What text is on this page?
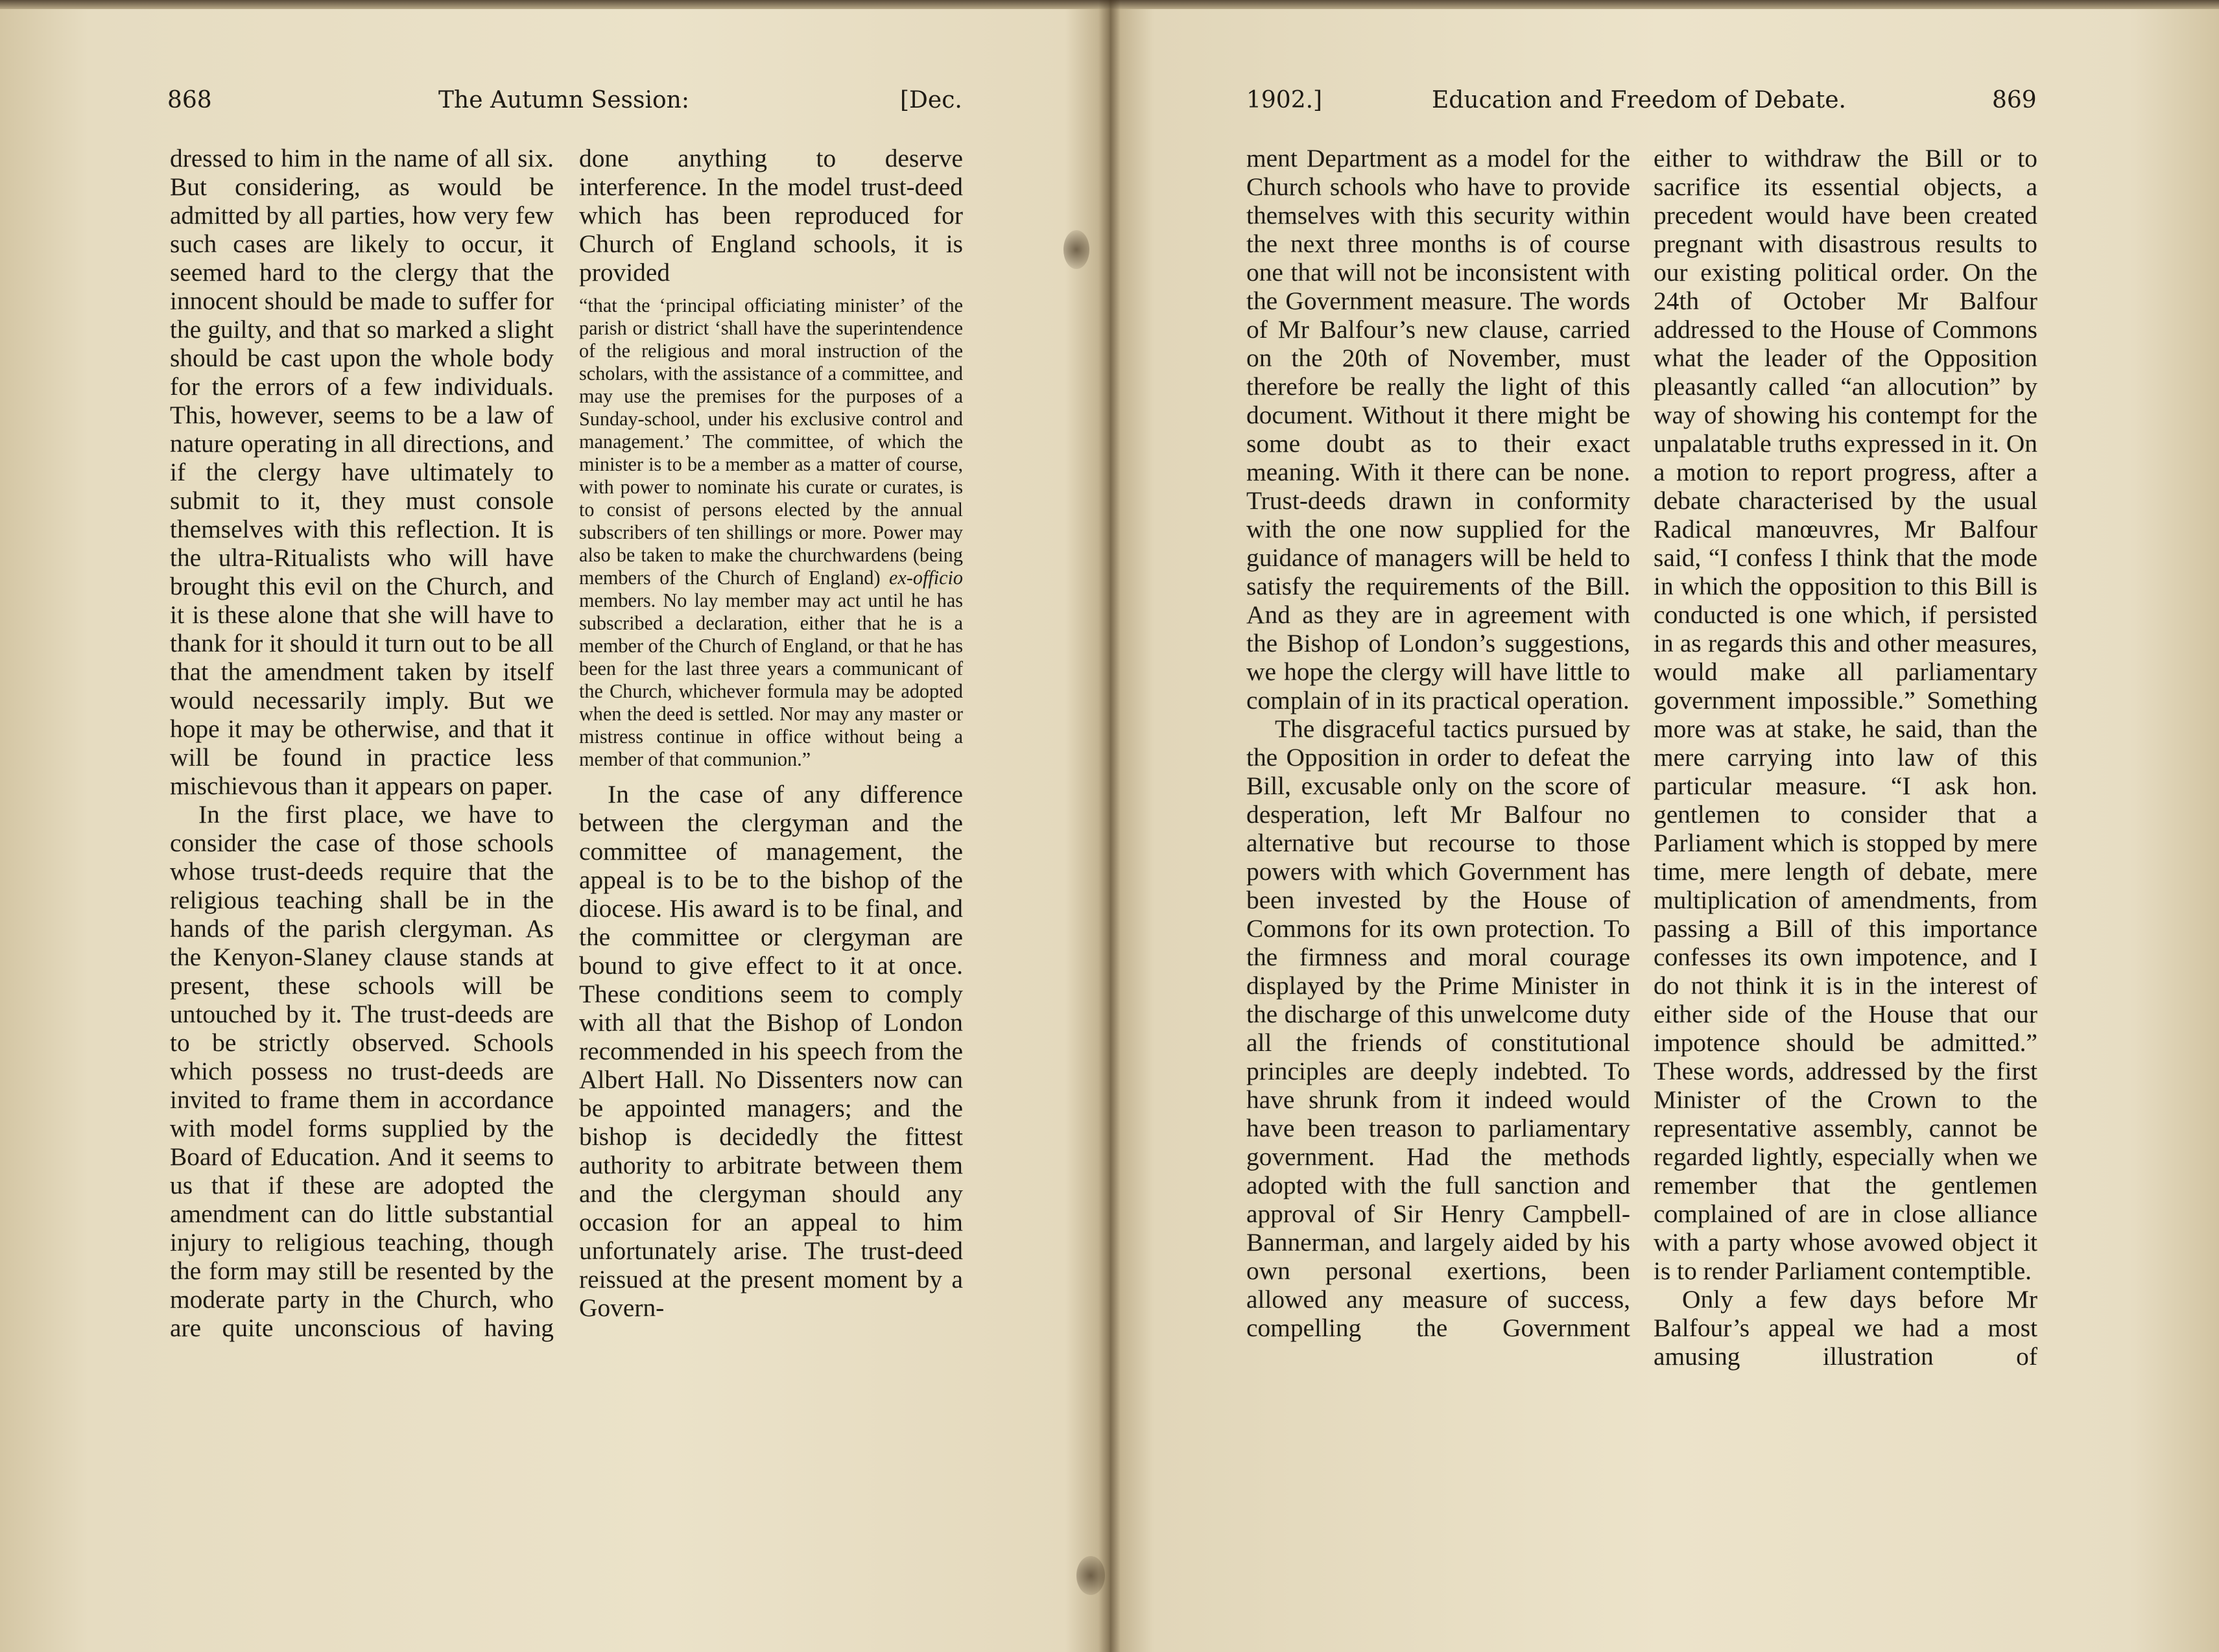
868	The Autumn Session:	[Dec.

dressed to him in the name of all six. But considering, as would be admitted by all parties, how very few such cases are likely to occur, it seemed hard to the clergy that the innocent should be made to suffer for the guilty, and that so marked a slight should be cast upon the whole body for the errors of a few individuals. This, however, seems to be a law of nature operating in all directions, and if the clergy have ultimately to submit to it, they must console themselves with this reflection. It is the ultra-Ritualists who will have brought this evil on the Church, and it is these alone that she will have to thank for it should it turn out to be all that the amendment taken by itself would necessarily imply. But we hope it may be otherwise, and that it will be found in practice less mischievous than it appears on paper.

In the first place, we have to consider the case of those schools whose trust-deeds require that the religious teaching shall be in the hands of the parish clergyman. As the Kenyon-Slaney clause stands at present, these schools will be untouched by it. The trust-deeds are to be strictly observed. Schools which possess no trust-deeds are invited to frame them in accordance with model forms supplied by the Board of Education. And it seems to us that if these are adopted the amendment can do little substantial injury to religious teaching, though the form may still be resented by the moderate party in the Church, who are quite unconscious of having

done anything to deserve interference. In the model trust-deed which has been reproduced for Church of England schools, it is provided

“that the ‘principal officiating minister’ of the parish or district ‘shall have the superintendence of the religious and moral instruction of the scholars, with the assistance of a committee, and may use the premises for the purposes of a Sunday-school, under his exclusive control and management.’ The committee, of which the minister is to be a member as a matter of course, with power to nominate his curate or curates, is to consist of persons elected by the annual subscribers of ten shillings or more. Power may also be taken to make the churchwardens (being members of the Church of England) ex-officio members. No lay member may act until he has subscribed a declaration, either that he is a member of the Church of England, or that he has been for the last three years a communicant of the Church, whichever formula may be adopted when the deed is settled. Nor may any master or mistress continue in office without being a member of that communion.”

In the case of any difference between the clergyman and the committee of management, the appeal is to be to the bishop of the diocese. His award is to be final, and the committee or clergyman are bound to give effect to it at once. These conditions seem to comply with all that the Bishop of London recommended in his speech from the Albert Hall. No Dissenters now can be appointed managers; and the bishop is decidedly the fittest authority to arbitrate between them and the clergyman should any occasion for an appeal to him unfortunately arise. The trust-deed reissued at the present moment by a Govern-

1902.]	Education and Freedom of Debate.	869

ment Department as a model for the Church schools who have to provide themselves with this security within the next three months is of course one that will not be inconsistent with the Government measure. The words of Mr Balfour’s new clause, carried on the 20th of November, must therefore be really the light of this document. Without it there might be some doubt as to their exact meaning. With it there can be none. Trust-deeds drawn in conformity with the one now supplied for the guidance of managers will be held to satisfy the requirements of the Bill. And as they are in agreement with the Bishop of London’s suggestions, we hope the clergy will have little to complain of in its practical operation.

The disgraceful tactics pursued by the Opposition in order to defeat the Bill, excusable only on the score of desperation, left Mr Balfour no alternative but recourse to those powers with which Government has been invested by the House of Commons for its own protection. To the firmness and moral courage displayed by the Prime Minister in the discharge of this unwelcome duty all the friends of constitutional principles are deeply indebted. To have shrunk from it indeed would have been treason to parliamentary government. Had the methods adopted with the full sanction and approval of Sir Henry Campbell-Bannerman, and largely aided by his own personal exertions, been allowed any measure of success, compelling the Government

either to withdraw the Bill or to sacrifice its essential objects, a precedent would have been created pregnant with disastrous results to our existing political order. On the 24th of October Mr Balfour addressed to the House of Commons what the leader of the Opposition pleasantly called “an allocution” by way of showing his contempt for the unpalatable truths expressed in it. On a motion to report progress, after a debate characterised by the usual Radical manœuvres, Mr Balfour said, “I confess I think that the mode in which the opposition to this Bill is conducted is one which, if persisted in as regards this and other measures, would make all parliamentary government impossible.” Something more was at stake, he said, than the mere carrying into law of this particular measure. “I ask hon. gentlemen to consider that a Parliament which is stopped by mere time, mere length of debate, mere multiplication of amendments, from passing a Bill of this importance confesses its own impotence, and I do not think it is in the interest of either side of the House that our impotence should be admitted.” These words, addressed by the first Minister of the Crown to the representative assembly, cannot be regarded lightly, especially when we remember that the gentlemen complained of are in close alliance with a party whose avowed object it is to render Parliament contemptible.

Only a few days before Mr Balfour’s appeal we had a most amusing illustration of
